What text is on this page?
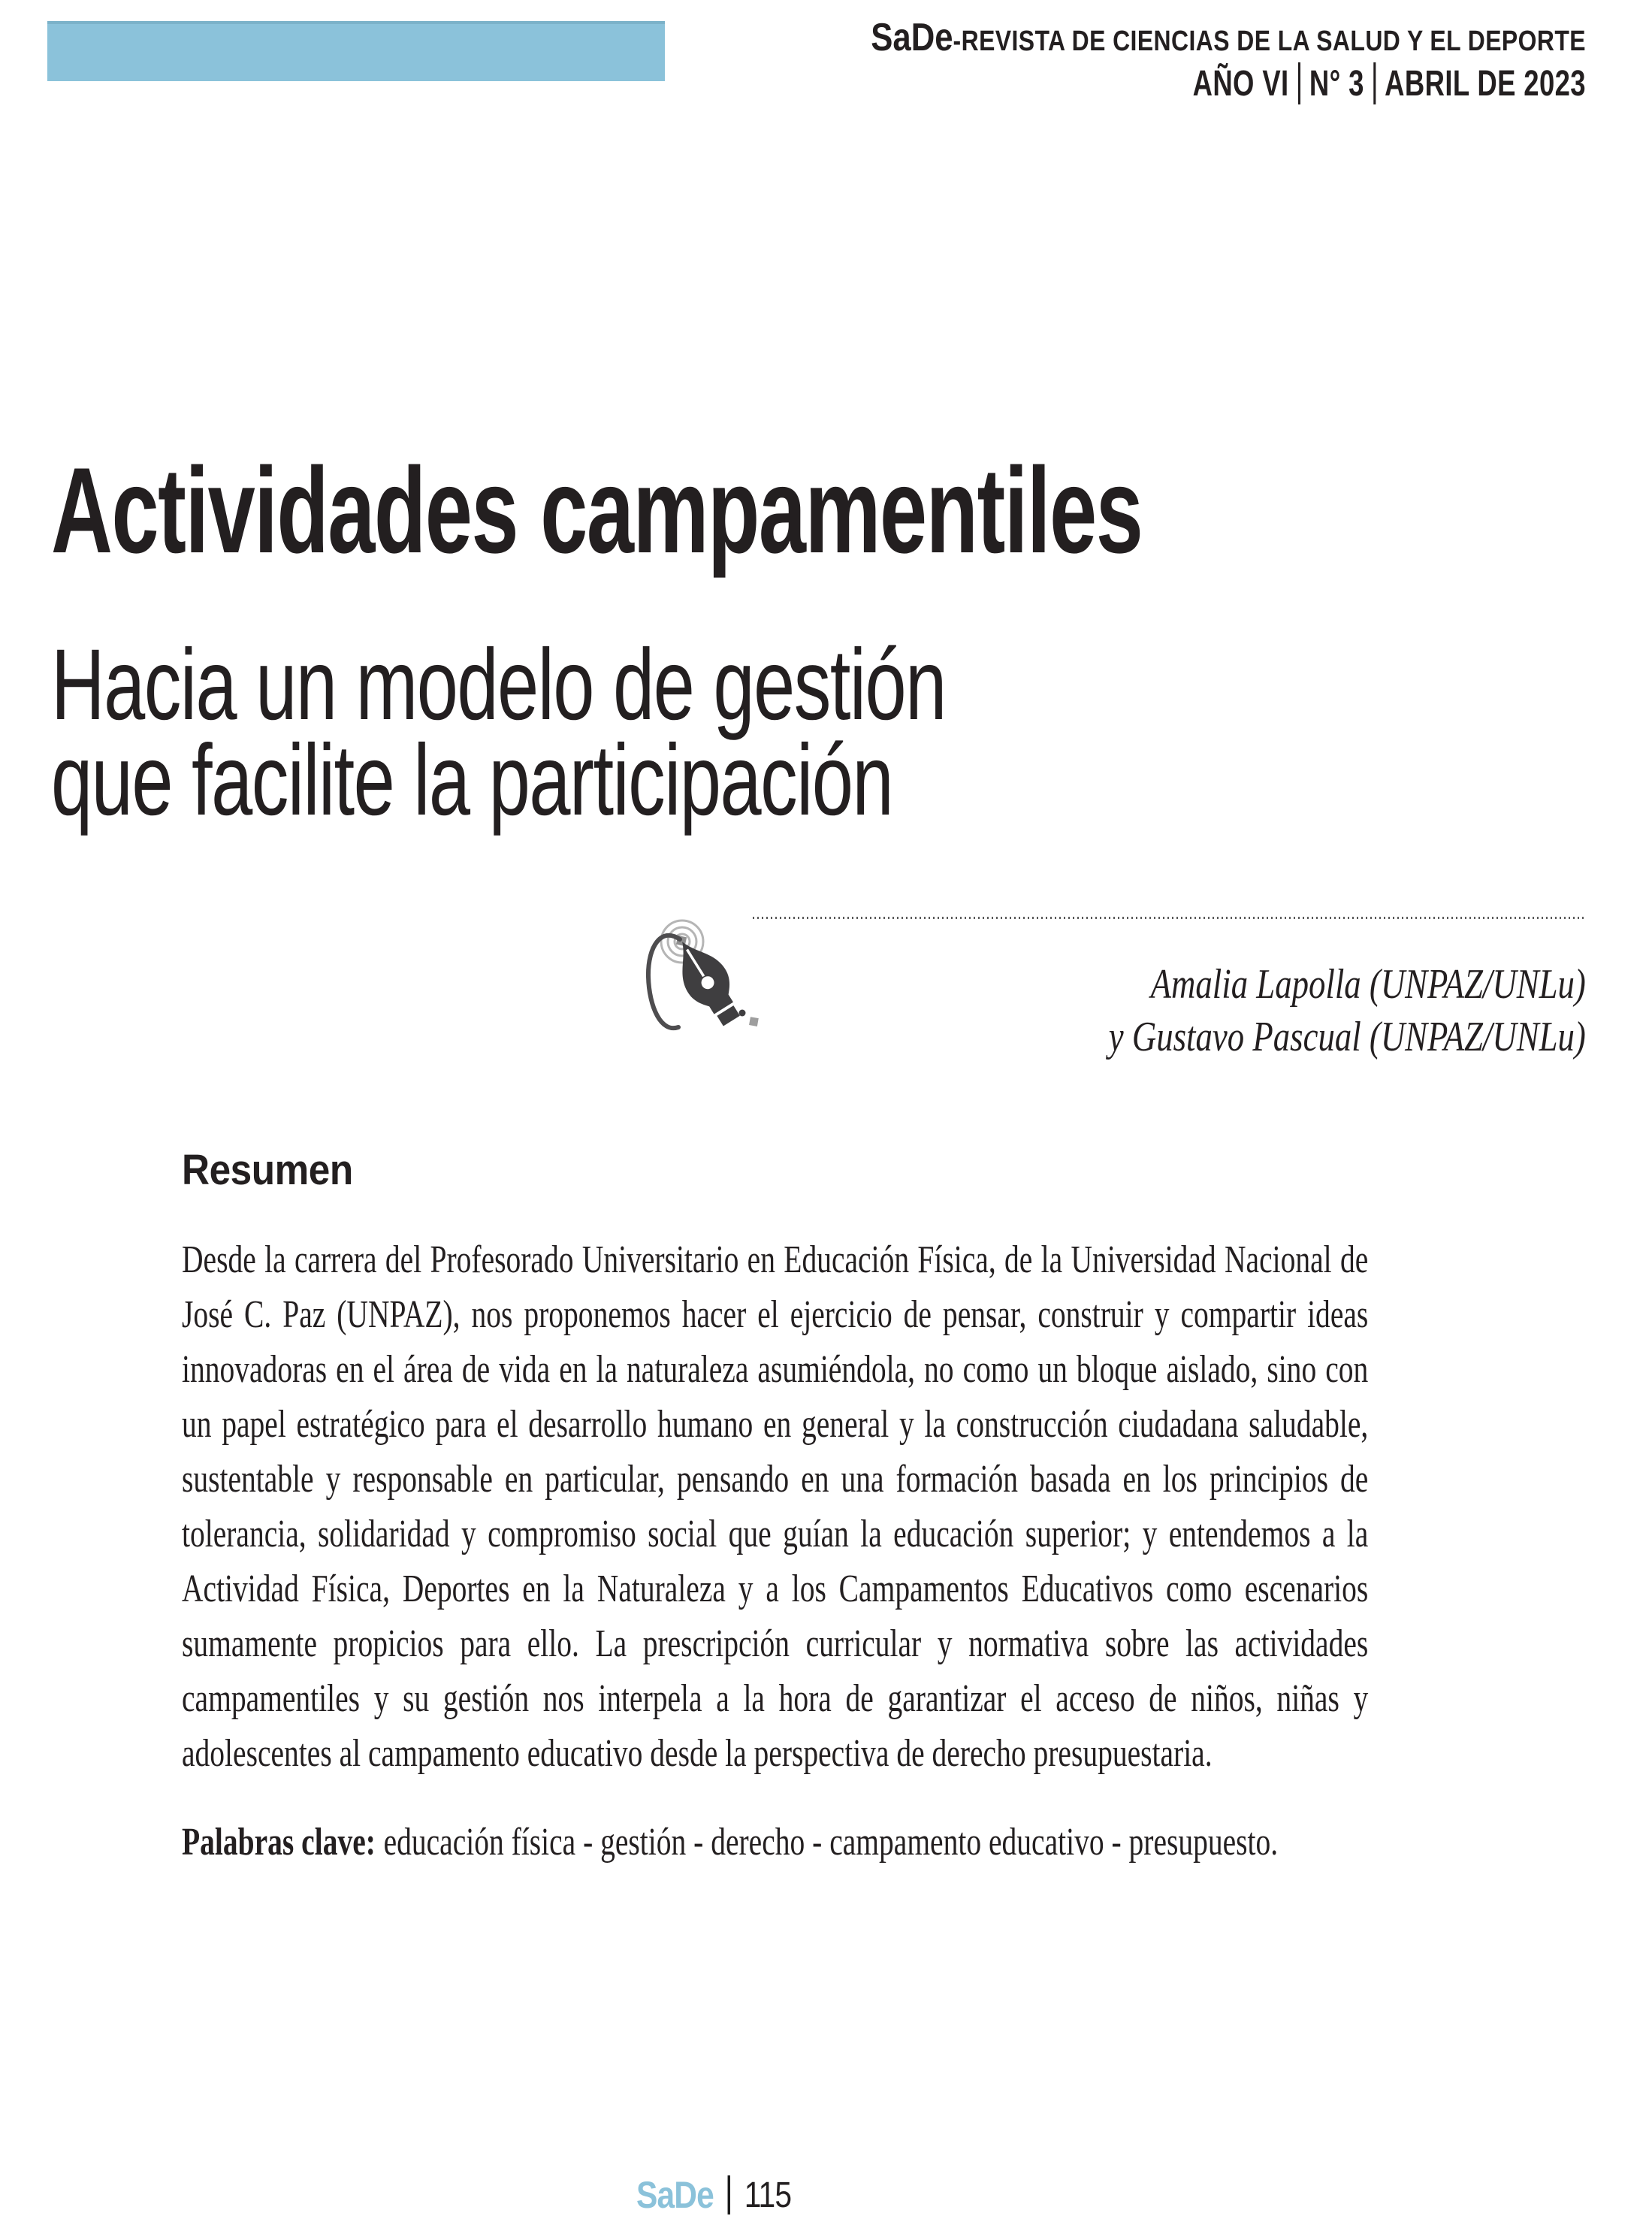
SaDe-REVISTA DE CIENCIAS DE LA SALUD Y EL DEPORTE
AÑO VI N° 3 ABRIL DE 2023
Actividades campamentiles
Hacia un modelo de gestión
que facilite la participación
Amalia Lapolla (UNPAZ/UNLu)
y Gustavo Pascual (UNPAZ/UNLu)
Resumen

Desde la carrera del Profesorado Universitario en Educación Física, de la Universidad Nacional de José C. Paz (UNPAZ), nos proponemos hacer el ejercicio de pensar, construir y compartir ideas innovadoras en el área de vida en la naturaleza asumiéndola, no como un bloque aislado, sino con un papel estratégico para el desarrollo humano en general y la construcción ciudadana saludable, sustentable y responsable en particular, pensando en una formación basada en los principios de tolerancia, solidaridad y compromiso social que guían la educación superior; y entendemos a la Actividad Física, Deportes en la Naturaleza y a los Campamentos Educativos como escenarios sumamente propicios para ello. La prescripción curricular y normativa sobre las actividades campamentiles y su gestión nos interpela a la hora de garantizar el acceso de niños, niñas y adolescentes al campamento educativo desde la perspectiva de derecho presupuestaria.

Palabras clave: educación física - gestión - derecho - campamento educativo - presupuesto.

SaDe 115
